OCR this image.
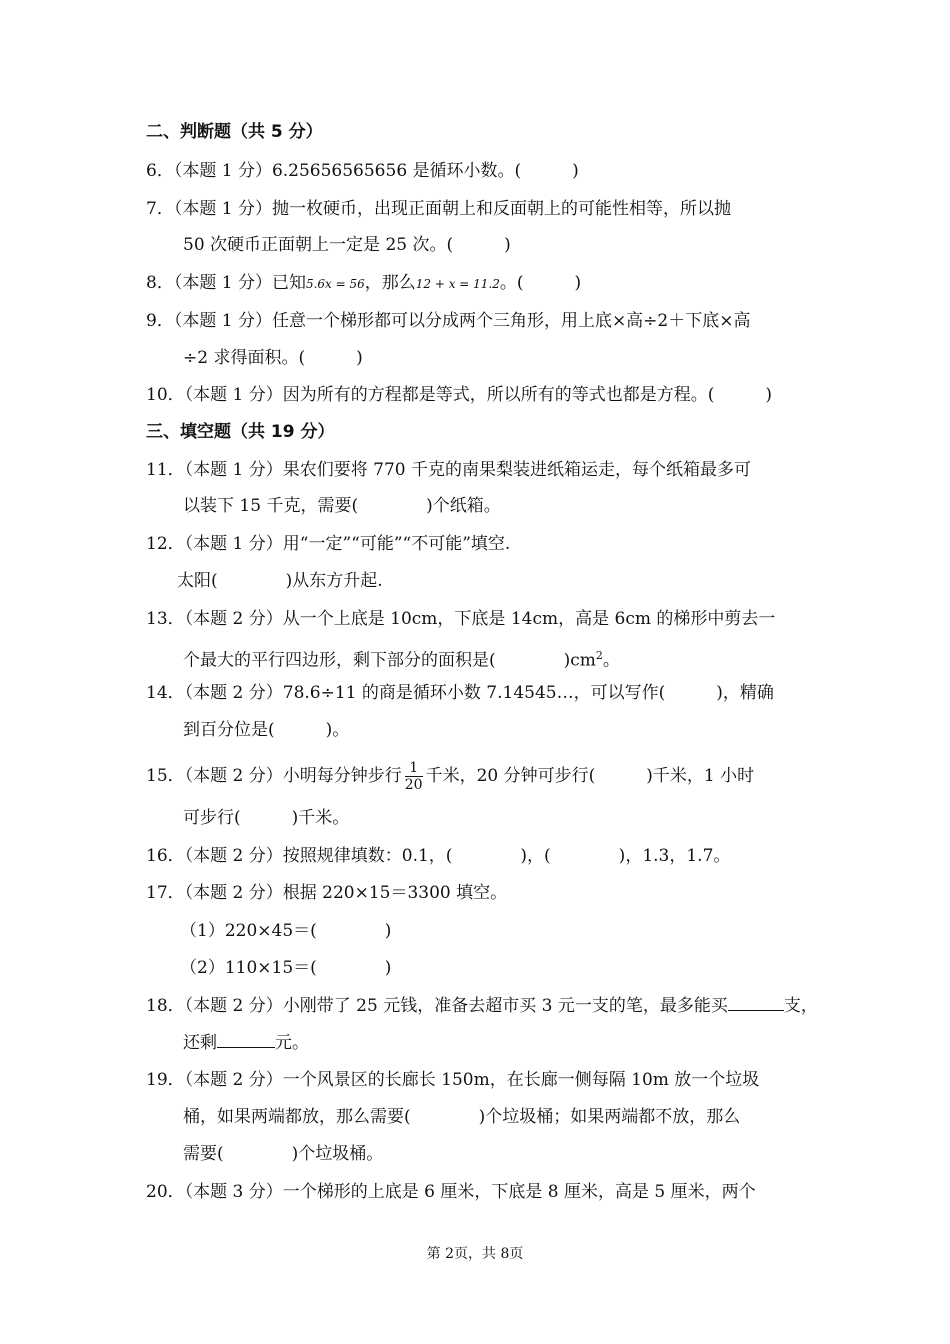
二、判断题（共 5 分）
6．（本题 1 分）6.25656565656 是循环小数。(　　　)
7．（本题 1 分）抛一枚硬币，出现正面朝上和反面朝上的可能性相等，所以抛
50 次硬币正面朝上一定是 25 次。(　　　)
8．（本题 1 分）已知5.6x = 56，那么12 + x = 11.2。(　　　)
9．（本题 1 分）任意一个梯形都可以分成两个三角形，用上底×高÷2＋下底×高
÷2 求得面积。(　　　)
10．（本题 1 分）因为所有的方程都是等式，所以所有的等式也都是方程。(　　　)
三、填空题（共 19 分）
11．（本题 1 分）果农们要将 770 千克的南果梨装进纸箱运走，每个纸箱最多可
以装下 15 千克，需要(　　　　)个纸箱。
12．（本题 1 分）用“一定”“可能”“不可能”填空.
太阳(　　　　)从东方升起.
13．（本题 2 分）从一个上底是 10cm，下底是 14cm，高是 6cm 的梯形中剪去一
个最大的平行四边形，剩下部分的面积是(　　　　)$cm^2$。
14．（本题 2 分）78.6÷11 的商是循环小数 7.14545…，可以写作(　　　)，精确
到百分位是(　　　)。
15．（本题 2 分）小明每分钟步行 $\frac{1}{20}$ 千米，20 分钟可步行(　　　)千米，1 小时
可步行(　　　)千米。
16．（本题 2 分）按照规律填数：0.1，(　　　　)，(　　　　)，1.3，1.7。
17．（本题 2 分）根据 220×15＝3300 填空。
（1）220×45＝(　　　　)
（2）110×15＝(　　　　)
18．（本题 2 分）小刚带了 25 元钱，准备去超市买 3 元一支的笔，最多能买	支，
还剩	元。
19．（本题 2 分）一个风景区的长廊长 150m，在长廊一侧每隔 10m 放一个垃圾
桶，如果两端都放，那么需要(　　　　)个垃圾桶；如果两端都不放，那么
需要(　　　　)个垃圾桶。
20．（本题 3 分）一个梯形的上底是 6 厘米，下底是 8 厘米，高是 5 厘米，两个
第 2页，共 8页
